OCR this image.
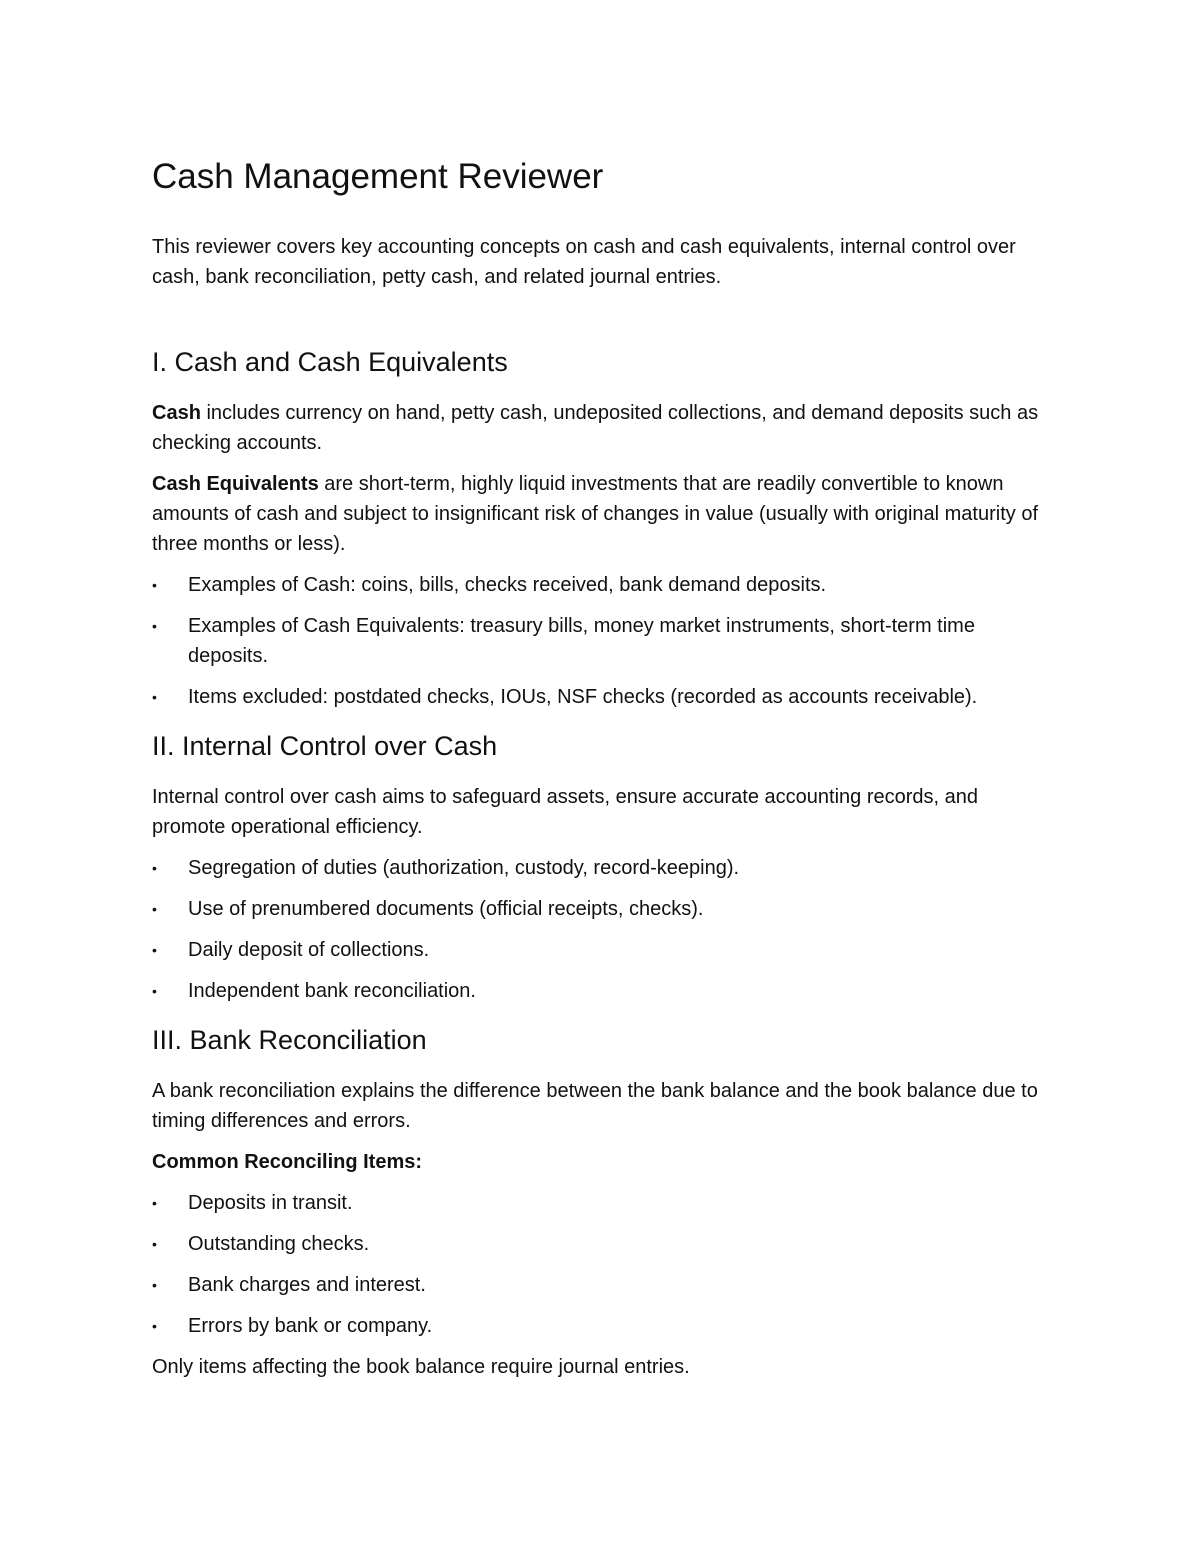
Cash Management Reviewer

This reviewer covers key accounting concepts on cash and cash equivalents, internal control over cash, bank reconciliation, petty cash, and related journal entries.

I. Cash and Cash Equivalents

Cash includes currency on hand, petty cash, undeposited collections, and demand deposits such as checking accounts.

Cash Equivalents are short-term, highly liquid investments that are readily convertible to known amounts of cash and subject to insignificant risk of changes in value (usually with original maturity of three months or less).

•	Examples of Cash: coins, bills, checks received, bank demand deposits.
•	Examples of Cash Equivalents: treasury bills, money market instruments, short-term time deposits.
•	Items excluded: postdated checks, IOUs, NSF checks (recorded as accounts receivable).
II. Internal Control over Cash

Internal control over cash aims to safeguard assets, ensure accurate accounting records, and promote operational efficiency.

•	Segregation of duties (authorization, custody, record-keeping).
•	Use of prenumbered documents (official receipts, checks).
•	Daily deposit of collections.
•	Independent bank reconciliation.
III. Bank Reconciliation

A bank reconciliation explains the difference between the bank balance and the book balance due to timing differences and errors.

Common Reconciling Items:

•	Deposits in transit.
•	Outstanding checks.
•	Bank charges and interest.
•	Errors by bank or company.

Only items affecting the book balance require journal entries.
